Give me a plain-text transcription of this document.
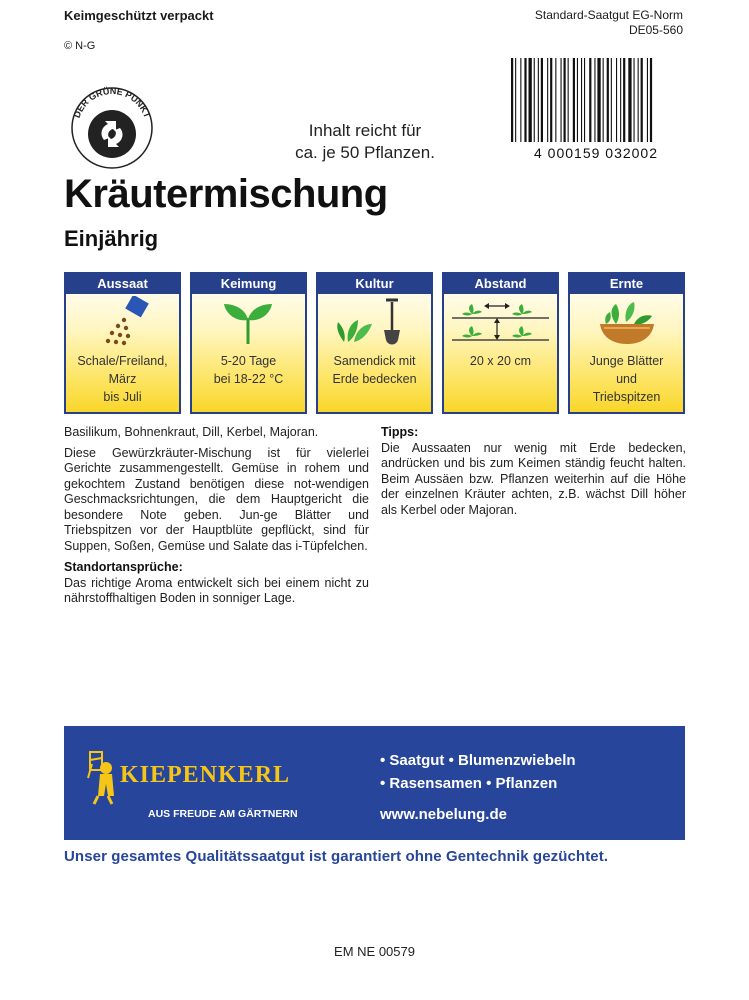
Keimgeschützt verpackt
© N-G
Standard-Saatgut EG-Norm
DE05-560
DER GRÜNE PUNKT
Inhalt reicht für
ca. je 50 Pflanzen.	4 000159 032002
Kräutermischung
Einjährig
Aussaat
Schale/Freiland,
März
bis Juli
Keimung
5-20 Tage
bei 18-22 °C
Kultur
Samendick mit
Erde bedecken
Abstand
20 x 20 cm
Ernte
Junge Blätter
und
Triebspitzen

Basilikum, Bohnenkraut, Dill, Kerbel, Majoran.

Diese Gewürzkräuter-Mischung ist für vielerlei Gerichte zusammengestellt. Gemüse in rohem und gekochtem Zustand benötigen diese not-wendigen Geschmacksrichtungen, die dem Hauptgericht die besondere Note geben. Jun-ge Blätter und Triebspitzen vor der Hauptblüte gepflückt, sind für Suppen, Soßen, Gemüse und Salate das i-Tüpfelchen.

Standortansprüche:

Das richtige Aroma entwickelt sich bei einem nicht zu nährstoffhaltigen Boden in sonniger Lage.

Tipps:

Die Aussaaten nur wenig mit Erde bedecken, andrücken und bis zum Keimen ständig feucht halten. Beim Aussäen bzw. Pflanzen weiterhin auf die Höhe der einzelnen Kräuter achten, z.B. wächst Dill höher als Kerbel oder Majoran.

KIEPENKERL
AUS FREUDE AM GÄRTNERN
• Saatgut • Blumenzwiebeln
• Rasensamen • Pflanzen
www.nebelung.de
Unser gesamtes Qualitätssaatgut ist garantiert ohne Gentechnik gezüchtet.
EM NE 00579
